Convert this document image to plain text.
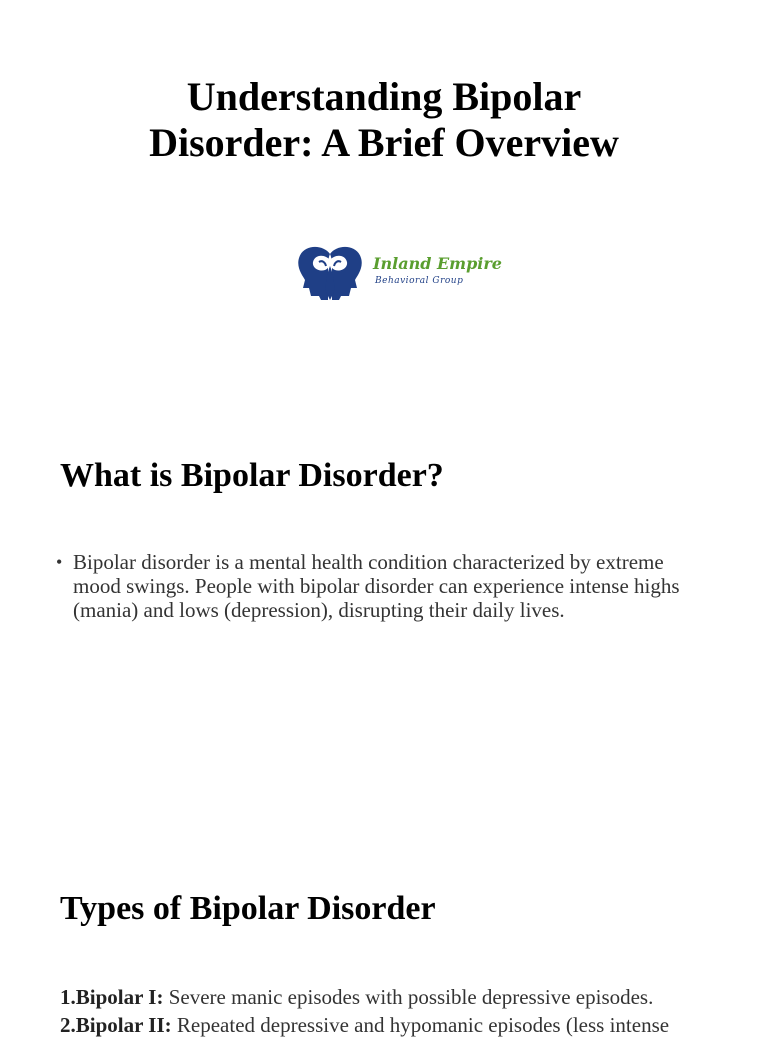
Understanding Bipolar
Disorder: A Brief Overview
Inland Empire
Behavioral Group
What is Bipolar Disorder?
• Bipolar disorder is a mental health condition characterized by extreme mood swings. People with bipolar disorder can experience intense highs (mania) and lows (depression), disrupting their daily lives.
Types of Bipolar Disorder
1.Bipolar I: Severe manic episodes with possible depressive episodes.
2.Bipolar II: Repeated depressive and hypomanic episodes (less intense
